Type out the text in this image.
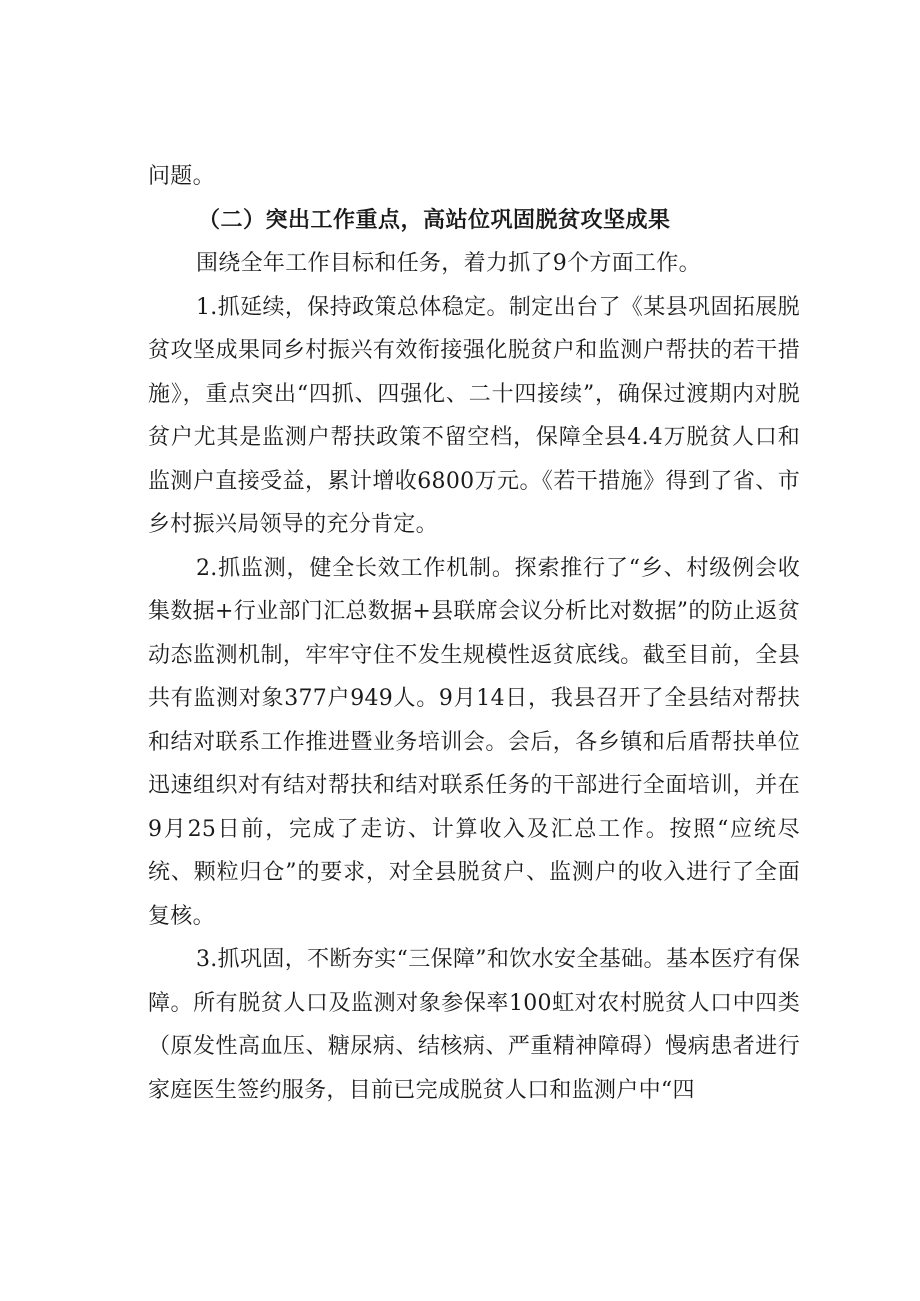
问题。

（二）突出工作重点，高站位巩固脱贫攻坚成果

围绕全年工作目标和任务，着力抓了9个方面工作。

1.抓延续，保持政策总体稳定。制定出台了《某县巩固拓展脱贫攻坚成果同乡村振兴有效衔接强化脱贫户和监测户帮扶的若干措施》，重点突出“四抓、四强化、二十四接续”，确保过渡期内对脱贫户尤其是监测户帮扶政策不留空档，保障全县4.4万脱贫人口和监测户直接受益，累计增收6800万元。《若干措施》得到了省、市乡村振兴局领导的充分肯定。

2.抓监测，健全长效工作机制。探索推行了“乡、村级例会收集数据+行业部门汇总数据+县联席会议分析比对数据”的防止返贫动态监测机制，牢牢守住不发生规模性返贫底线。截至目前，全县共有监测对象377户949人。9月14日，我县召开了全县结对帮扶和结对联系工作推进暨业务培训会。会后，各乡镇和后盾帮扶单位迅速组织对有结对帮扶和结对联系任务的干部进行全面培训，并在9月25日前，完成了走访、计算收入及汇总工作。按照“应统尽统、颗粒归仓”的要求，对全县脱贫户、监测户的收入进行了全面复核。

3.抓巩固，不断夯实“三保障”和饮水安全基础。基本医疗有保障。所有脱贫人口及监测对象参保率100虹对农村脱贫人口中四类（原发性高血压、糖尿病、结核病、严重精神障碍）慢病患者进行家庭医生签约服务，目前已完成脱贫人口和监测户中“四
